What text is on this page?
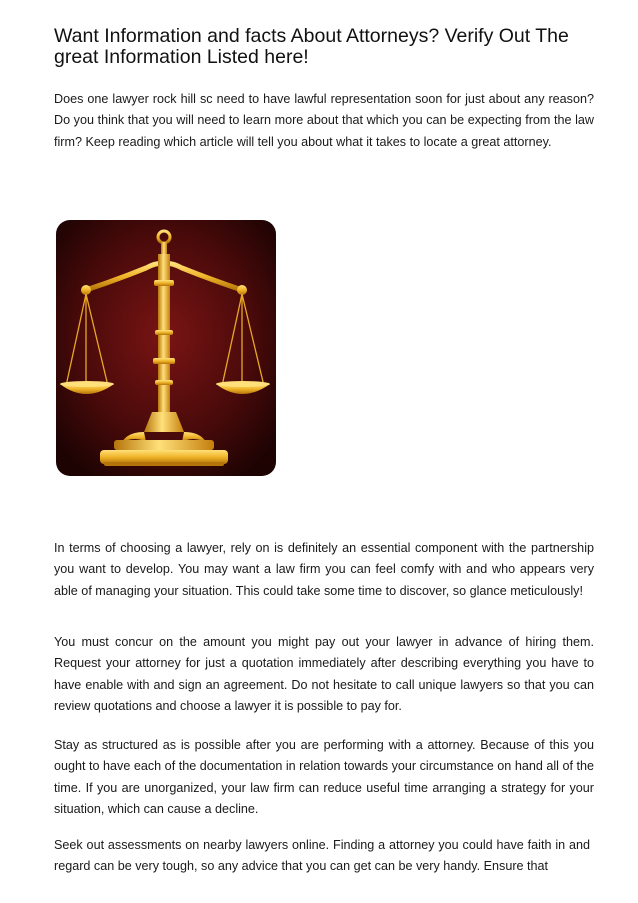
Want Information and facts About Attorneys? Verify Out The great Information Listed here!

Does one lawyer rock hill sc need to have lawful representation soon for just about any reason? Do you think that you will need to learn more about that which you can be expecting from the law firm? Keep reading which article will tell you about what it takes to locate a great attorney.

In terms of choosing a lawyer, rely on is definitely an essential component with the partnership you want to develop. You may want a law firm you can feel comfy with and who appears very able of managing your situation. This could take some time to discover, so glance meticulously!

You must concur on the amount you might pay out your lawyer in advance of hiring them. Request your attorney for just a quotation immediately after describing everything you have to have enable with and sign an agreement. Do not hesitate to call unique lawyers so that you can review quotations and choose a lawyer it is possible to pay for.

Stay as structured as is possible after you are performing with a attorney. Because of this you ought to have each of the documentation in relation towards your circumstance on hand all of the time. If you are unorganized, your law firm can reduce useful time arranging a strategy for your situation, which can cause a decline.

Seek out assessments on nearby lawyers online. Finding a attorney you could have faith in and regard can be very tough, so any advice that you can get can be very handy. Ensure that
